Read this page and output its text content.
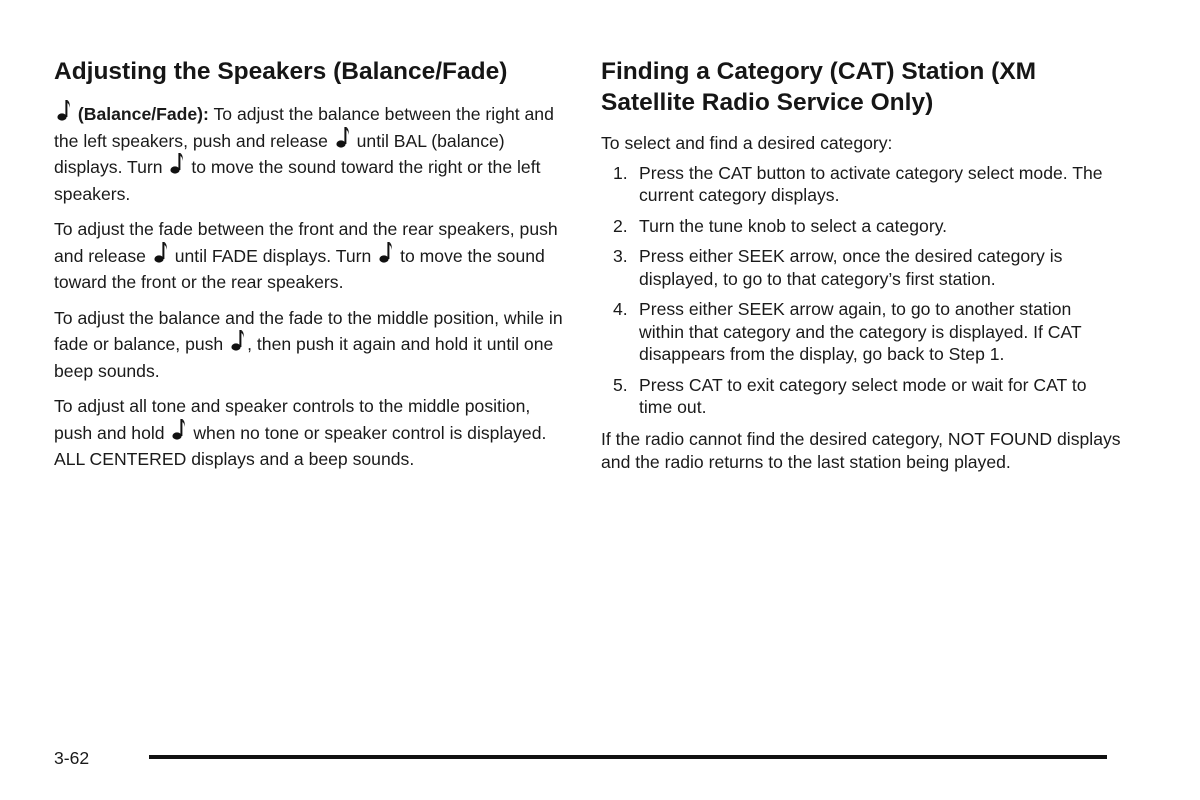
Adjusting the Speakers (Balance/Fade)

(Balance/Fade): To adjust the balance between the right and the left speakers, push and release until BAL (balance) displays. Turn to move the sound toward the right or the left speakers.

To adjust the fade between the front and the rear speakers, push and release until FADE displays. Turn to move the sound toward the front or the rear speakers.

To adjust the balance and the fade to the middle position, while in fade or balance, push , then push it again and hold it until one beep sounds.

To adjust all tone and speaker controls to the middle position, push and hold when no tone or speaker control is displayed. ALL CENTERED displays and a beep sounds.

Finding a Category (CAT) Station (XM Satellite Radio Service Only)

To select and find a desired category:

1. Press the CAT button to activate category select mode. The current category displays.
2. Turn the tune knob to select a category.
3. Press either SEEK arrow, once the desired category is displayed, to go to that category’s first station.
4. Press either SEEK arrow again, to go to another station within that category and the category is displayed. If CAT disappears from the display, go back to Step 1.
5. Press CAT to exit category select mode or wait for CAT to time out.

If the radio cannot find the desired category, NOT FOUND displays and the radio returns to the last station being played.

3-62
